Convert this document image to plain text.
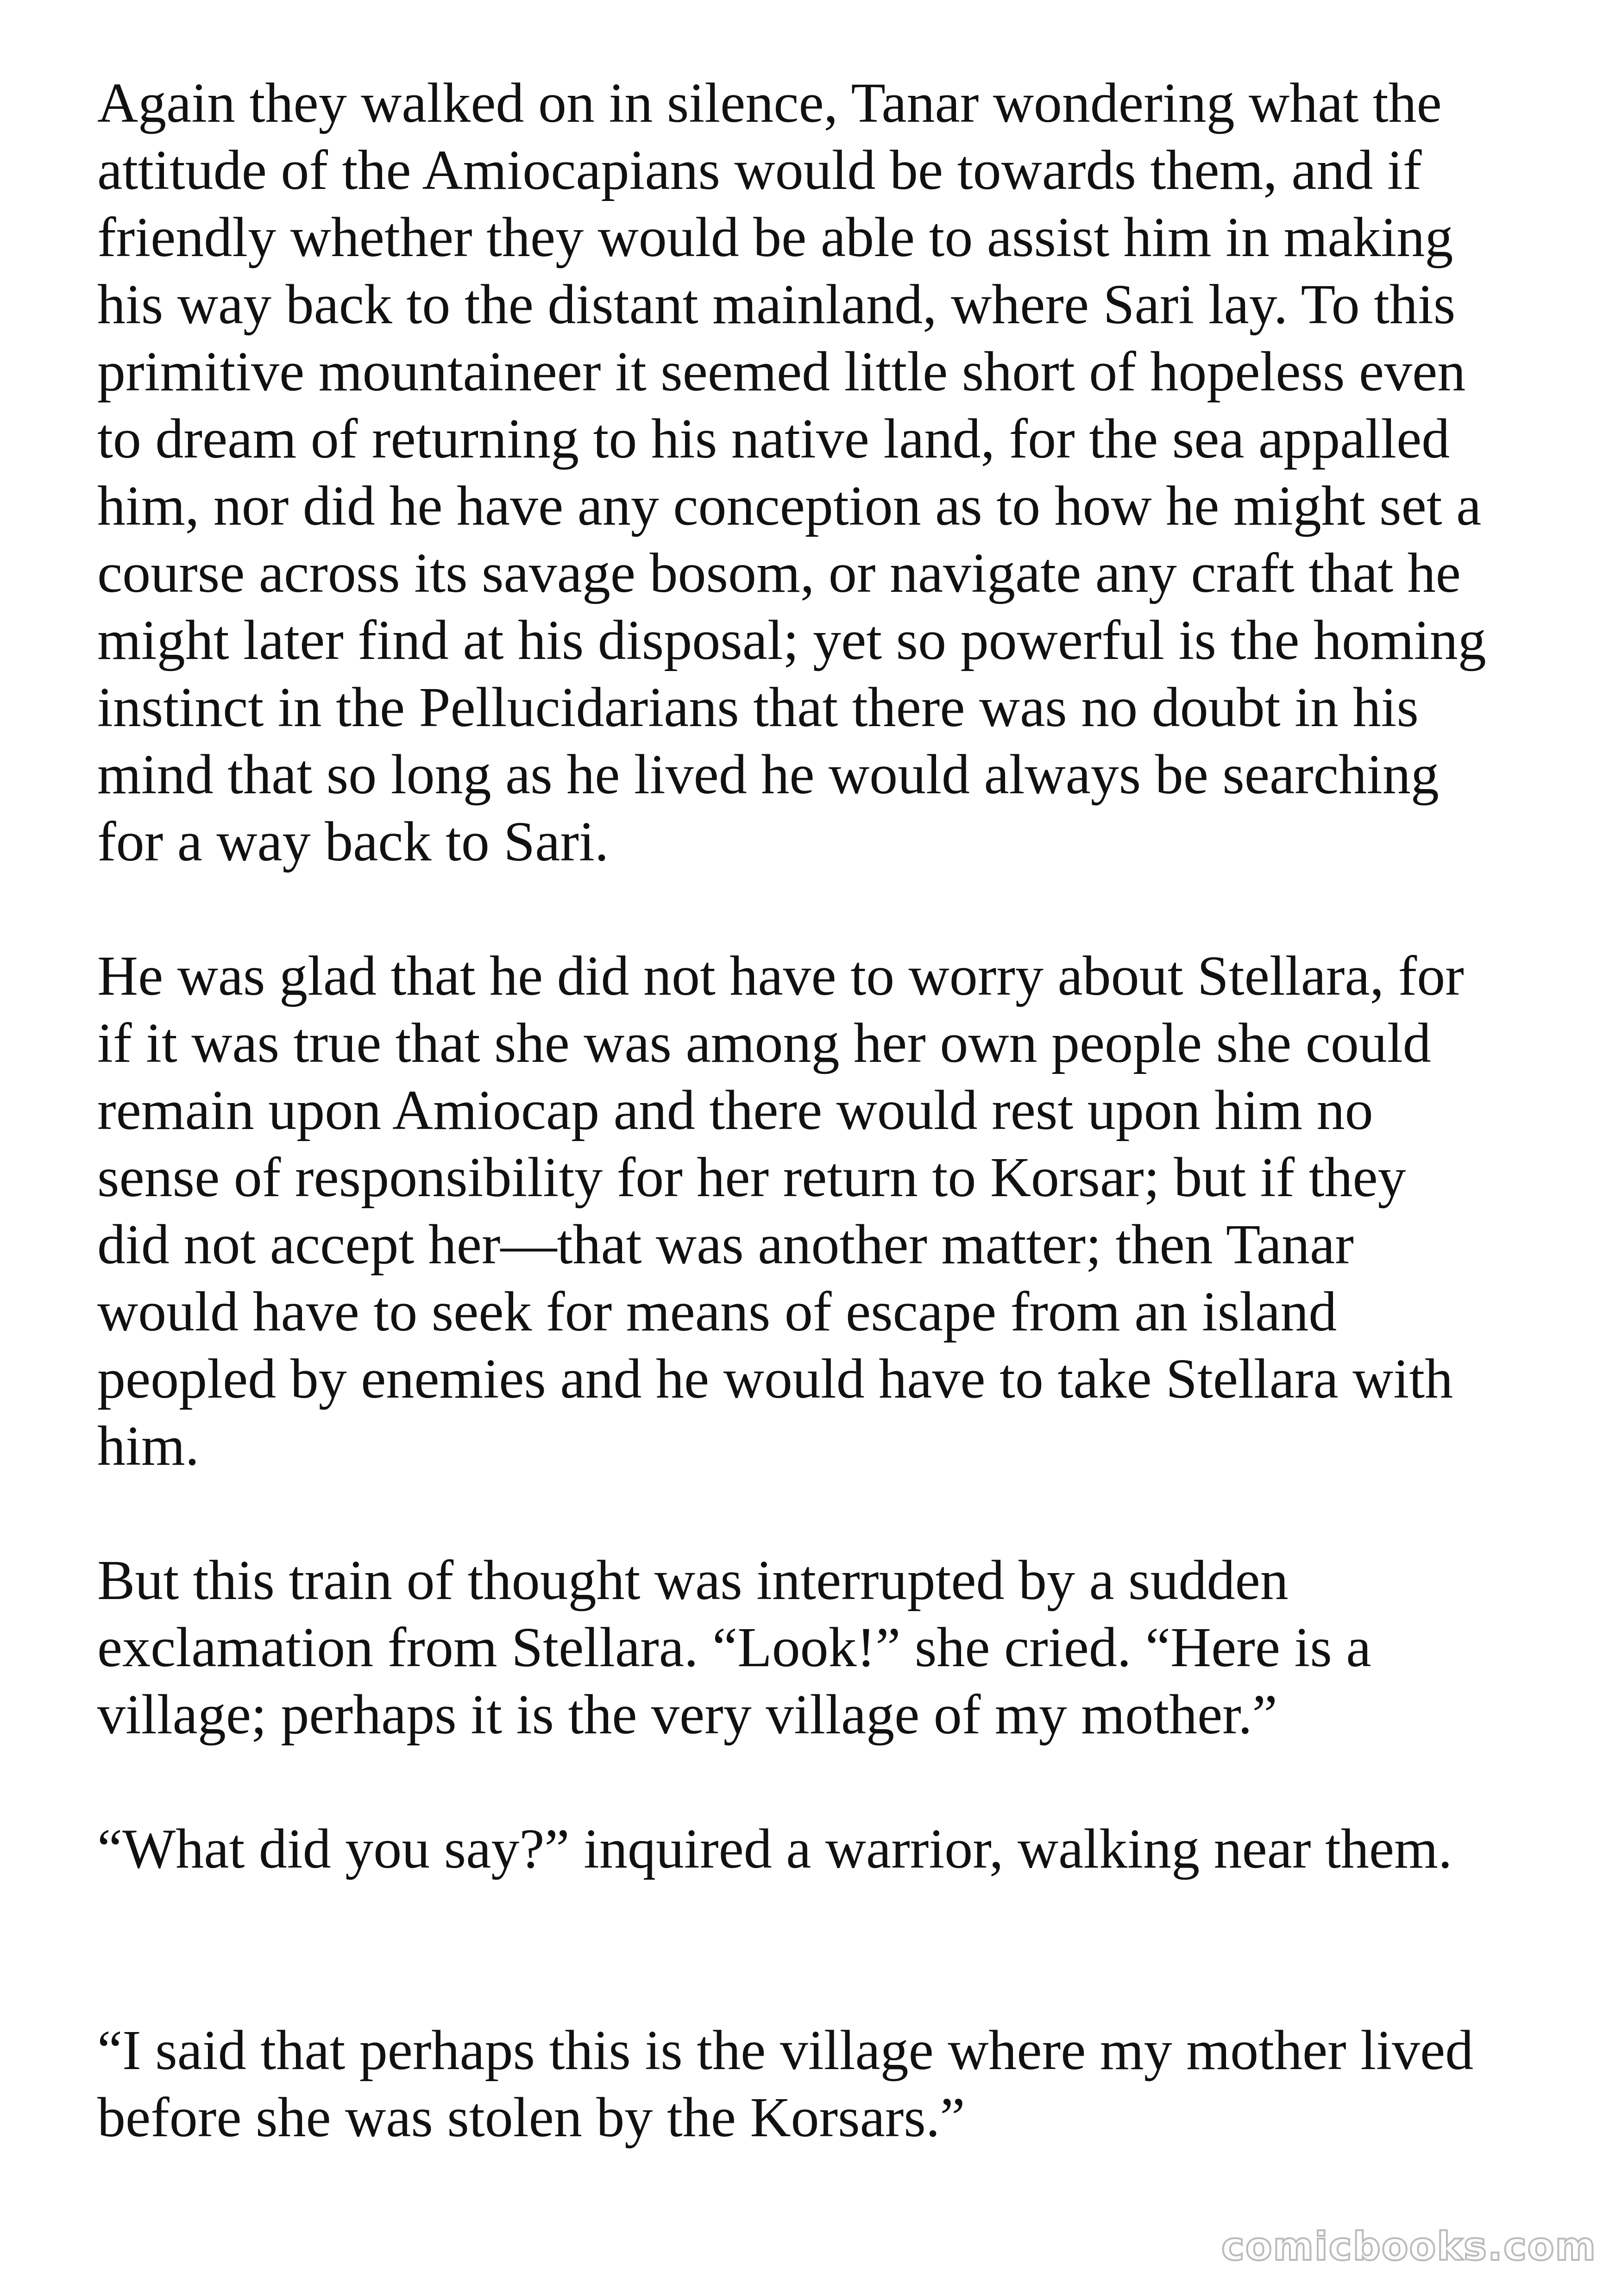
Again they walked on in silence, Tanar wondering what the
attitude of the Amiocapians would be towards them, and if
friendly whether they would be able to assist him in making
his way back to the distant mainland, where Sari lay. To this
primitive mountaineer it seemed little short of hopeless even
to dream of returning to his native land, for the sea appalled
him, nor did he have any conception as to how he might set a
course across its savage bosom, or navigate any craft that he
might later find at his disposal; yet so powerful is the homing
instinct in the Pellucidarians that there was no doubt in his
mind that so long as he lived he would always be searching
for a way back to Sari.
He was glad that he did not have to worry about Stellara, for
if it was true that she was among her own people she could
remain upon Amiocap and there would rest upon him no
sense of responsibility for her return to Korsar; but if they
did not accept her—that was another matter; then Tanar
would have to seek for means of escape from an island
peopled by enemies and he would have to take Stellara with
him.
But this train of thought was interrupted by a sudden
exclamation from Stellara. “Look!” she cried. “Here is a
village; perhaps it is the very village of my mother.”
“What did you say?” inquired a warrior, walking near them.
“I said that perhaps this is the village where my mother lived
before she was stolen by the Korsars.”
comicbooks.com
